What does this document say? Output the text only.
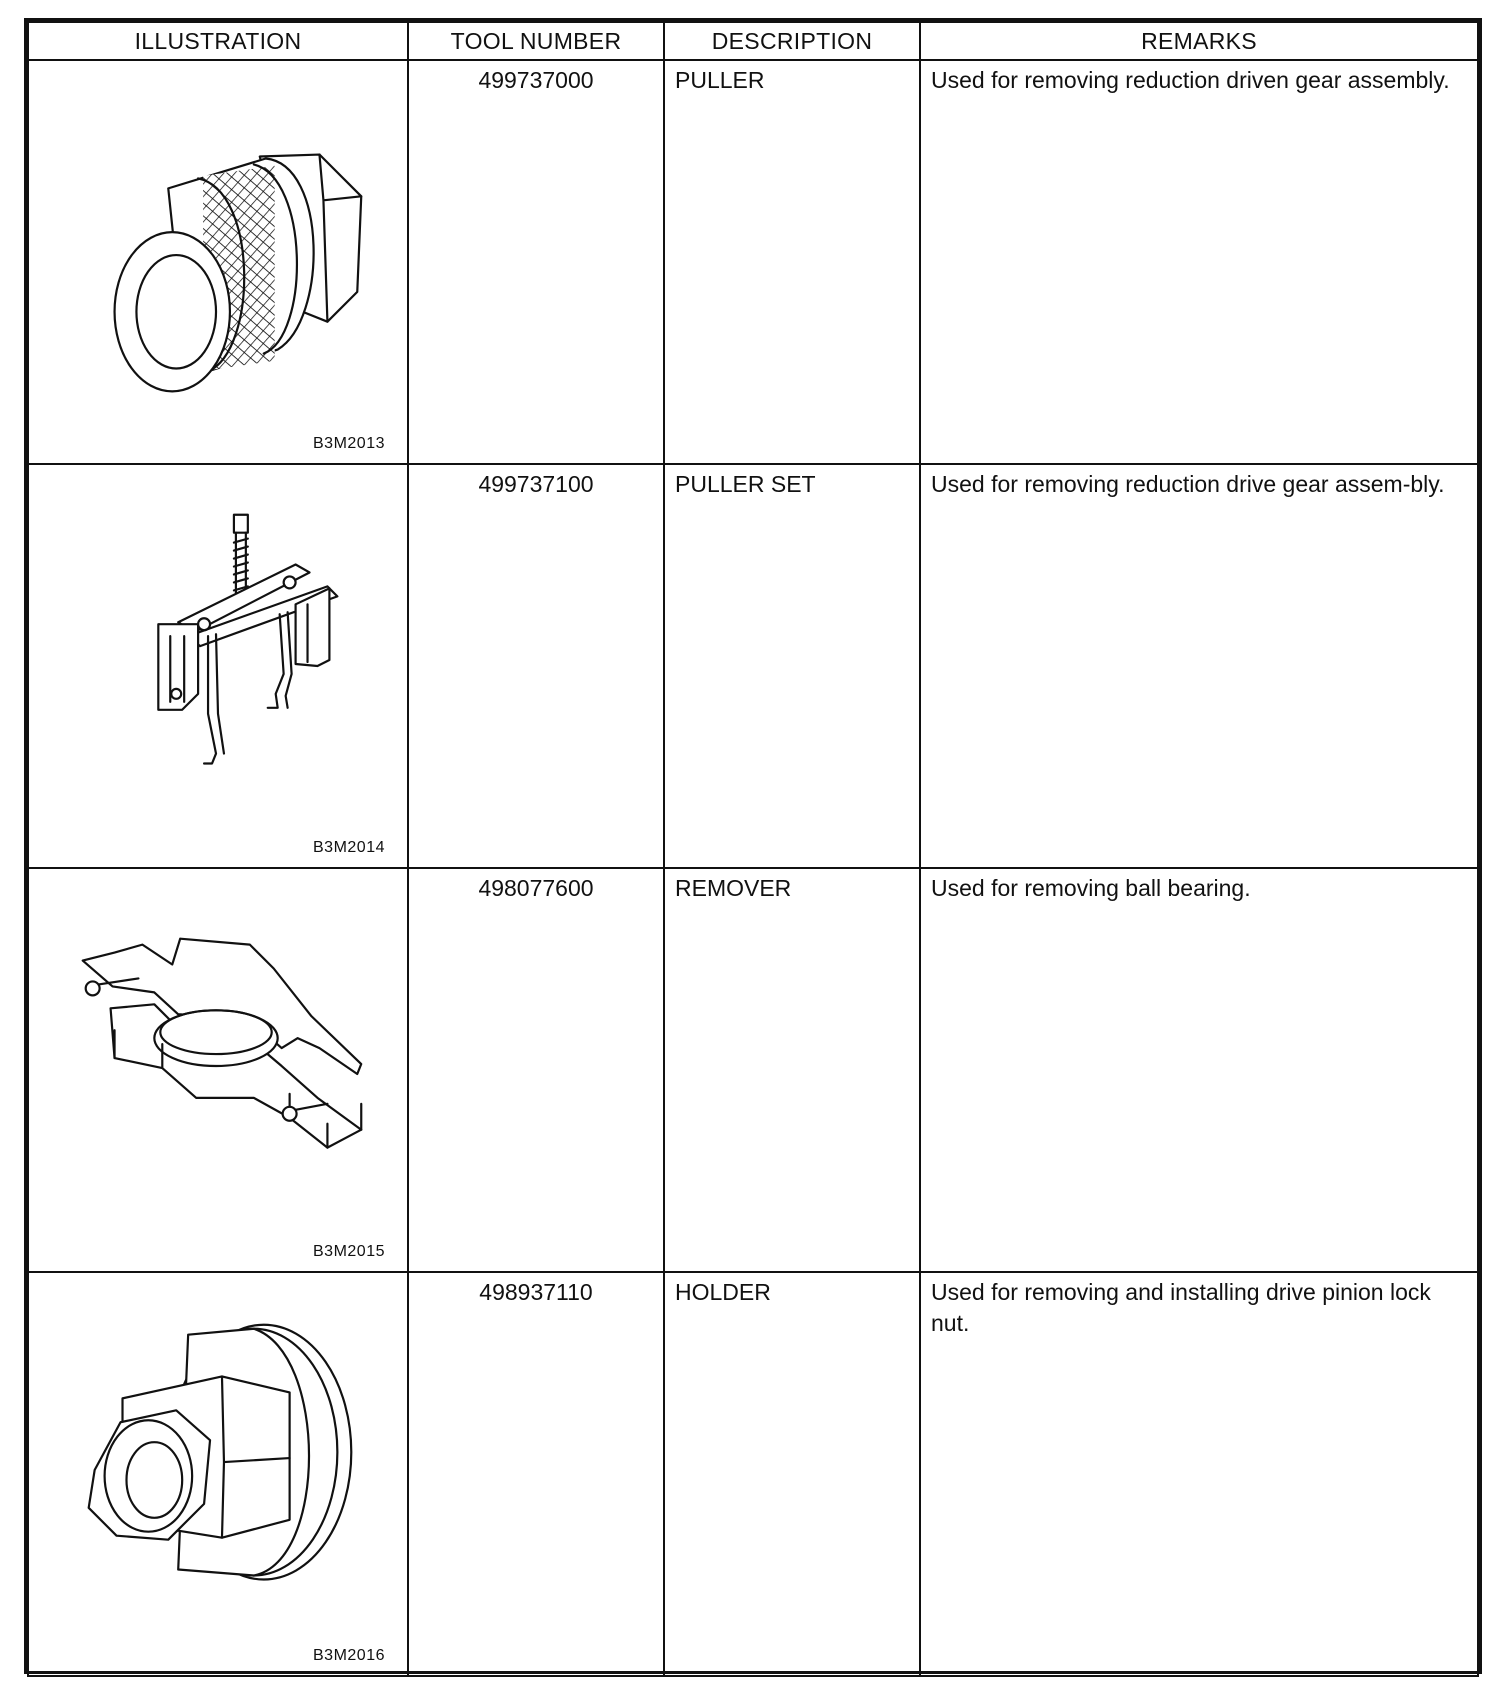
ILLUSTRATION	TOOL NUMBER	DESCRIPTION	REMARKS

B3M2013	499737000	PULLER	Used for removing reduction driven gear assembly.

B3M2014	499737100	PULLER SET	Used for removing reduction drive gear assem-bly.

B3M2015	498077600	REMOVER	Used for removing ball bearing.

B3M2016	498937110	HOLDER	Used for removing and installing drive pinion lock nut.
